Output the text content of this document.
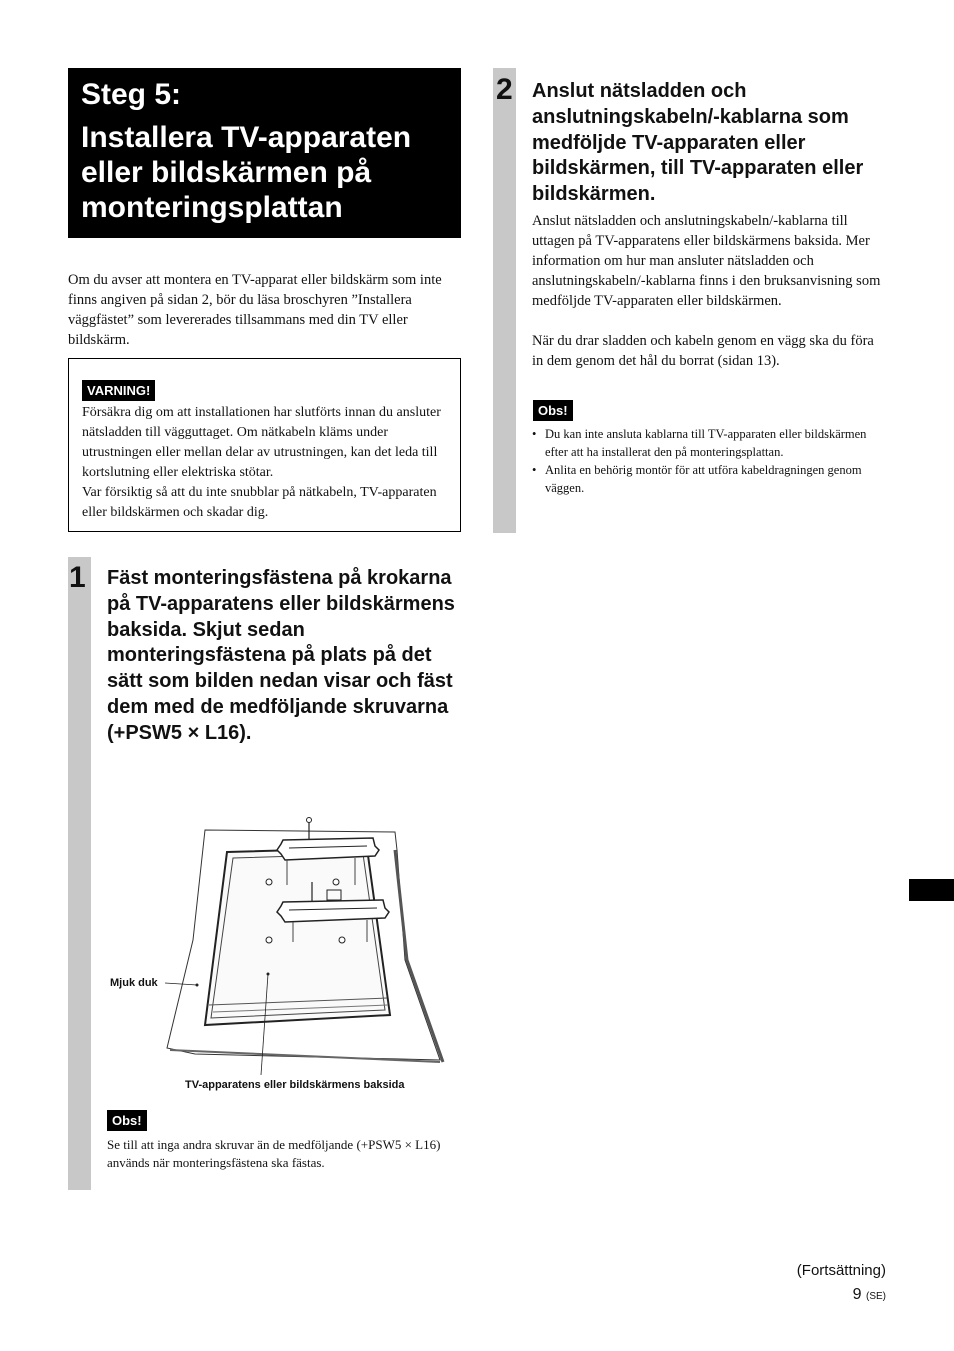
Steg 5:
Installera TV-apparaten eller bildskärmen på monteringsplattan
Om du avser att montera en TV-apparat eller bildskärm som inte finns angiven på sidan 2, bör du läsa broschyren ”Installera väggfästet” som levererades tillsammans med din TV eller bildskärm.
VARNING!
Försäkra dig om att installationen har slutförts innan du ansluter nätsladden till vägguttaget. Om nätkabeln kläms under utrustningen eller mellan delar av utrustningen, kan det leda till kortslutning eller elektriska stötar.
Var försiktig så att du inte snubblar på nätkabeln, TV-apparaten eller bildskärmen och skadar dig.
1 Fäst monteringsfästena på krokarna på TV-apparatens eller bildskärmens baksida. Skjut sedan monteringsfästena på plats på det sätt som bilden nedan visar och fäst dem med de medföljande skruvarna (+PSW5 × L16).
Mjuk duk
TV-apparatens eller bildskärmens baksida
Obs!
Se till att inga andra skruvar än de medföljande (+PSW5 × L16) används när monteringsfästena ska fästas.
2 Anslut nätsladden och anslutningskabeln/-kablarna som medföljde TV-apparaten eller bildskärmen, till TV-apparaten eller bildskärmen.
Anslut nätsladden och anslutningskabeln/-kablarna till uttagen på TV-apparatens eller bildskärmens baksida. Mer information om hur man ansluter nätsladden och anslutningskabeln/-kablarna finns i den bruksanvisning som medföljde TV-apparaten eller bildskärmen.
När du drar sladden och kabeln genom en vägg ska du föra in dem genom det hål du borrat (sidan 13).
Obs!
• Du kan inte ansluta kablarna till TV-apparaten eller bildskärmen efter att ha installerat den på monteringsplattan.
• Anlita en behörig montör för att utföra kabeldragningen genom väggen.
(Fortsättning)
9 (SE)
